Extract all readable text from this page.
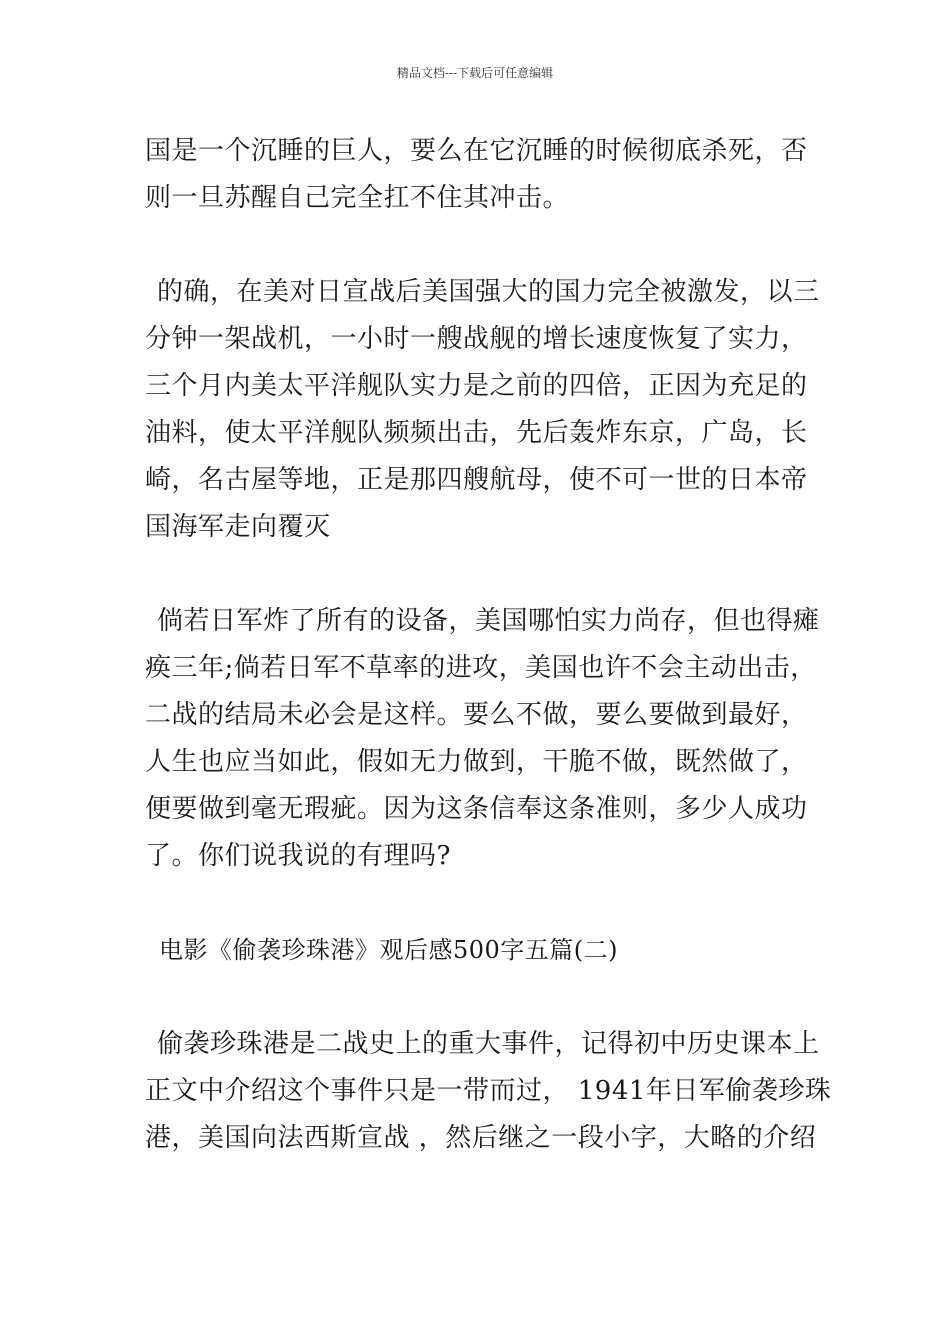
精品文档---下载后可任意编辑

国是一个沉睡的巨人，要么在它沉睡的时候彻底杀死，否
则一旦苏醒自己完全扛不住其冲击。

的确，在美对日宣战后美国强大的国力完全被激发，以三
分钟一架战机，一小时一艘战舰的增长速度恢复了实力，
三个月内美太平洋舰队实力是之前的四倍，正因为充足的
油料，使太平洋舰队频频出击，先后轰炸东京，广岛，长
崎，名古屋等地，正是那四艘航母，使不可一世的日本帝
国海军走向覆灭

倘若日军炸了所有的设备，美国哪怕实力尚存，但也得瘫
痪三年;倘若日军不草率的进攻，美国也许不会主动出击，
二战的结局未必会是这样。要么不做，要么要做到最好，
人生也应当如此，假如无力做到，干脆不做，既然做了，
便要做到毫无瑕疵。因为这条信奉这条准则，多少人成功
了。你们说我说的有理吗?

电影《偷袭珍珠港》观后感500字五篇(二)

偷袭珍珠港是二战史上的重大事件，记得初中历史课本上
正文中介绍这个事件只是一带而过， 1941年日军偷袭珍珠
港，美国向法西斯宣战 ，然后继之一段小字，大略的介绍
